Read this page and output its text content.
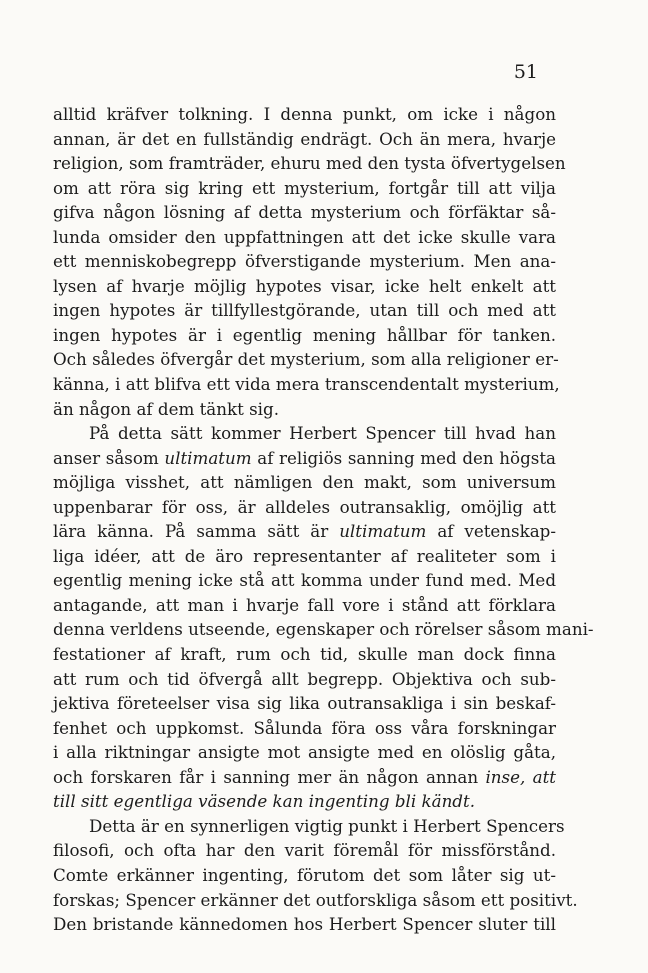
51
alltid kräfver tolkning. I denna punkt, om icke i någon
annan, är det en fullständig endrägt. Och än mera, hvarje
religion, som framträder, ehuru med den tysta öfvertygelsen
om att röra sig kring ett mysterium, fortgår till att vilja
gifva någon lösning af detta mysterium och förfäktar så-
lunda omsider den uppfattningen att det icke skulle vara
ett menniskobegrepp öfverstigande mysterium. Men ana-
lysen af hvarje möjlig hypotes visar, icke helt enkelt att
ingen hypotes är tillfyllestgörande, utan till och med att
ingen hypotes är i egentlig mening hållbar för tanken.
Och således öfvergår det mysterium, som alla religioner er-
känna, i att blifva ett vida mera transcendentalt mysterium,
än någon af dem tänkt sig.
På detta sätt kommer Herbert Spencer till hvad han
anser såsom ultimatum af religiös sanning med den högsta
möjliga visshet, att nämligen den makt, som universum
uppenbarar för oss, är alldeles outransaklig, omöjlig att
lära känna. På samma sätt är ultimatum af vetenskap-
liga idéer, att de äro representanter af realiteter som i
egentlig mening icke stå att komma under fund med. Med
antagande, att man i hvarje fall vore i stånd att förklara
denna verldens utseende, egenskaper och rörelser såsom mani-
festationer af kraft, rum och tid, skulle man dock finna
att rum och tid öfvergå allt begrepp. Objektiva och sub-
jektiva företeelser visa sig lika outransakliga i sin beskaf-
fenhet och uppkomst. Sålunda föra oss våra forskningar
i alla riktningar ansigte mot ansigte med en olöslig gåta,
och forskaren får i sanning mer än någon annan inse, att
till sitt egentliga väsende kan ingenting bli kändt.
Detta är en synnerligen vigtig punkt i Herbert Spencers
filosofi, och ofta har den varit föremål för missförstånd.
Comte erkänner ingenting, förutom det som låter sig ut-
forskas; Spencer erkänner det outforskliga såsom ett positivt.
Den bristande kännedomen hos Herbert Spencer sluter till
